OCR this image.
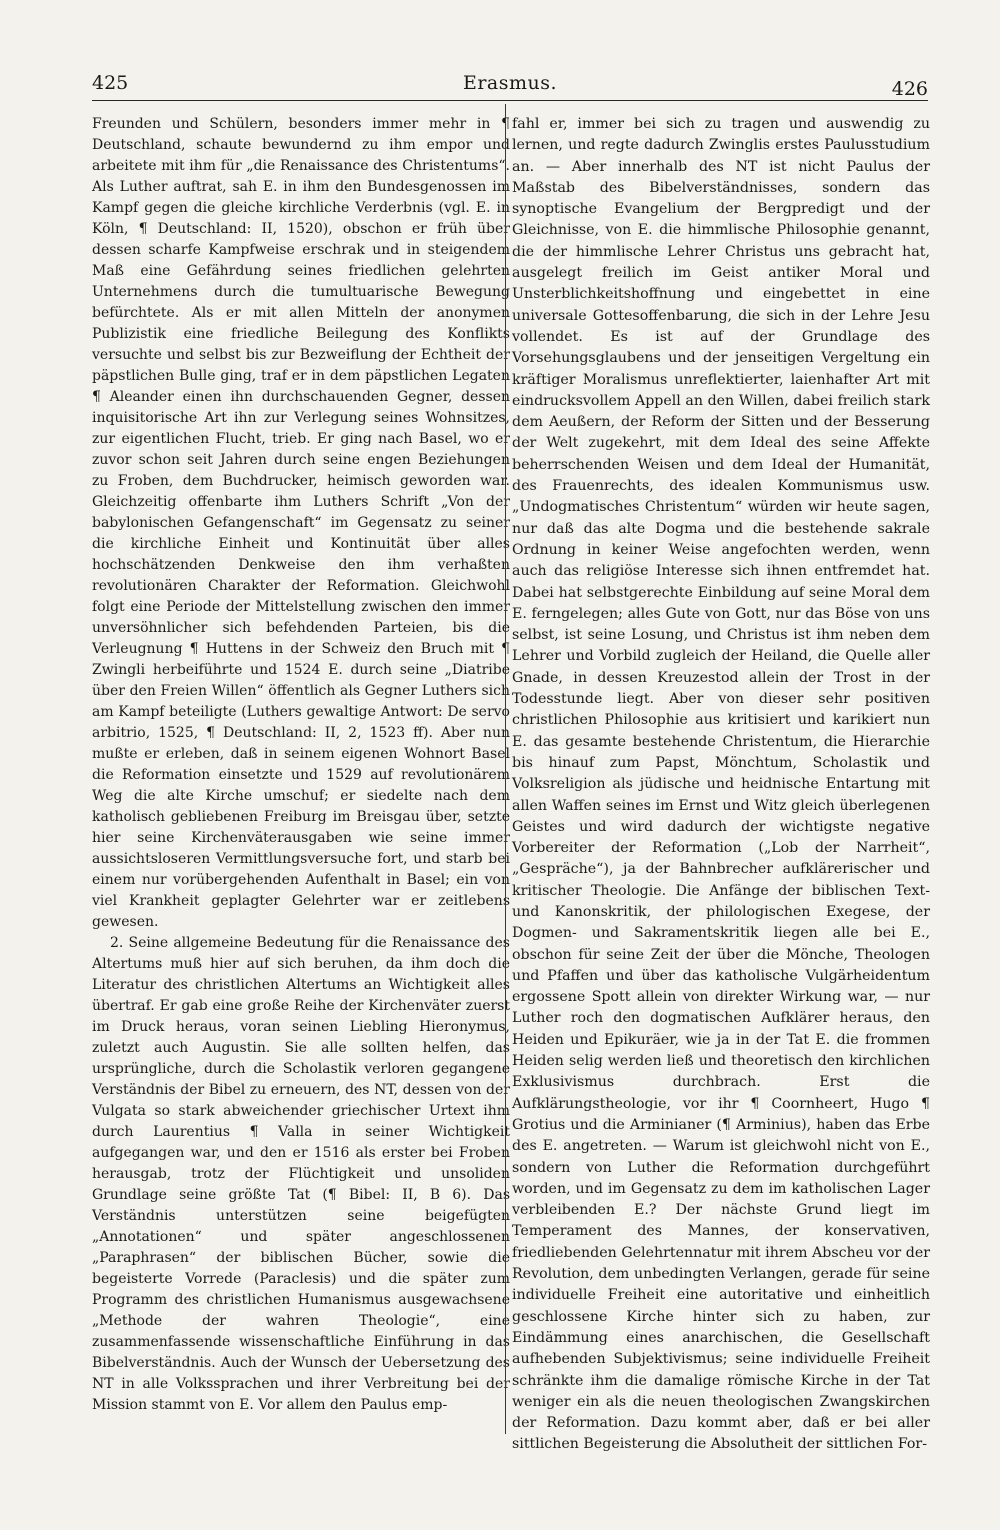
425	Erasmus.	426

Freunden und Schülern, besonders immer mehr in ¶ Deutschland, schaute bewundernd zu ihm empor und arbeitete mit ihm für „die Renaissance des Christentums“. Als Luther auftrat, sah E. in ihm den Bundesgenossen im Kampf gegen die gleiche kirchliche Verderbnis (vgl. E. in Köln, ¶ Deutschland: II, 1520), obschon er früh über dessen scharfe Kampfweise erschrak und in steigendem Maß eine Gefährdung seines friedlichen gelehrten Unternehmens durch die tumultuarische Bewegung befürchtete. Als er mit allen Mitteln der anonymen Publizistik eine friedliche Beilegung des Konflikts versuchte und selbst bis zur Bezweiflung der Echtheit der päpstlichen Bulle ging, traf er in dem päpstlichen Legaten ¶ Aleander einen ihn durchschauenden Gegner, dessen inquisitorische Art ihn zur Verlegung seines Wohnsitzes, zur eigentlichen Flucht, trieb. Er ging nach Basel, wo er zuvor schon seit Jahren durch seine engen Beziehungen zu Froben, dem Buchdrucker, heimisch geworden war. Gleichzeitig offenbarte ihm Luthers Schrift „Von der babylonischen Gefangenschaft“ im Gegensatz zu seiner die kirchliche Einheit und Kontinuität über alles hochschätzenden Denkweise den ihm verhaßten revolutionären Charakter der Reformation. Gleichwohl folgt eine Periode der Mittelstellung zwischen den immer unversöhnlicher sich befehdenden Parteien, bis die Verleugnung ¶ Huttens in der Schweiz den Bruch mit ¶ Zwingli herbeiführte und 1524 E. durch seine „Diatribe über den Freien Willen“ öffentlich als Gegner Luthers sich am Kampf beteiligte (Luthers gewaltige Antwort: De servo arbitrio, 1525, ¶ Deutschland: II, 2, 1523 ff). Aber nun mußte er erleben, daß in seinem eigenen Wohnort Basel die Reformation einsetzte und 1529 auf revolutionärem Weg die alte Kirche umschuf; er siedelte nach dem katholisch gebliebenen Freiburg im Breisgau über, setzte hier seine Kirchenväterausgaben wie seine immer aussichtsloseren Vermittlungsversuche fort, und starb bei einem nur vorübergehenden Aufenthalt in Basel; ein von viel Krankheit geplagter Gelehrter war er zeitlebens gewesen.

2. Seine allgemeine Bedeutung für die Renaissance des Altertums muß hier auf sich beruhen, da ihm doch die Literatur des christlichen Altertums an Wichtigkeit alles übertraf. Er gab eine große Reihe der Kirchenväter zuerst im Druck heraus, voran seinen Liebling Hieronymus, zuletzt auch Augustin. Sie alle sollten helfen, das ursprüngliche, durch die Scholastik verloren gegangene Verständnis der Bibel zu erneuern, des NT, dessen von der Vulgata so stark abweichender griechischer Urtext ihm durch Laurentius ¶ Valla in seiner Wichtigkeit aufgegangen war, und den er 1516 als erster bei Froben herausgab, trotz der Flüchtigkeit und unsoliden Grundlage seine größte Tat (¶ Bibel: II, B 6). Das Verständnis unterstützen seine beigefügten „Annotationen“ und später angeschlossenen „Paraphrasen“ der biblischen Bücher, sowie die begeisterte Vorrede (Paraclesis) und die später zum Programm des christlichen Humanismus ausgewachsene „Methode der wahren Theologie“, eine zusammenfassende wissenschaftliche Einführung in das Bibelverständnis. Auch der Wunsch der Uebersetzung des NT in alle Volkssprachen und ihrer Verbreitung bei der Mission stammt von E. Vor allem den Paulus emp-

fahl er, immer bei sich zu tragen und auswendig zu lernen, und regte dadurch Zwinglis erstes Paulusstudium an. — Aber innerhalb des NT ist nicht Paulus der Maßstab des Bibelverständnisses, sondern das synoptische Evangelium der Bergpredigt und der Gleichnisse, von E. die himmlische Philosophie genannt, die der himmlische Lehrer Christus uns gebracht hat, ausgelegt freilich im Geist antiker Moral und Unsterblichkeitshoffnung und eingebettet in eine universale Gottesoffenbarung, die sich in der Lehre Jesu vollendet. Es ist auf der Grundlage des Vorsehungsglaubens und der jenseitigen Vergeltung ein kräftiger Moralismus unreflektierter, laienhafter Art mit eindrucksvollem Appell an den Willen, dabei freilich stark dem Aeußern, der Reform der Sitten und der Besserung der Welt zugekehrt, mit dem Ideal des seine Affekte beherrschenden Weisen und dem Ideal der Humanität, des Frauenrechts, des idealen Kommunismus usw. „Undogmatisches Christentum“ würden wir heute sagen, nur daß das alte Dogma und die bestehende sakrale Ordnung in keiner Weise angefochten werden, wenn auch das religiöse Interesse sich ihnen entfremdet hat. Dabei hat selbstgerechte Einbildung auf seine Moral dem E. ferngelegen; alles Gute von Gott, nur das Böse von uns selbst, ist seine Losung, und Christus ist ihm neben dem Lehrer und Vorbild zugleich der Heiland, die Quelle aller Gnade, in dessen Kreuzestod allein der Trost in der Todesstunde liegt. Aber von dieser sehr positiven christlichen Philosophie aus kritisiert und karikiert nun E. das gesamte bestehende Christentum, die Hierarchie bis hinauf zum Papst, Mönchtum, Scholastik und Volksreligion als jüdische und heidnische Entartung mit allen Waffen seines im Ernst und Witz gleich überlegenen Geistes und wird dadurch der wichtigste negative Vorbereiter der Reformation („Lob der Narrheit“, „Gespräche“), ja der Bahnbrecher aufklärerischer und kritischer Theologie. Die Anfänge der biblischen Text- und Kanonskritik, der philologischen Exegese, der Dogmen- und Sakramentskritik liegen alle bei E., obschon für seine Zeit der über die Mönche, Theologen und Pfaffen und über das katholische Vulgärheidentum ergossene Spott allein von direkter Wirkung war, — nur Luther roch den dogmatischen Aufklärer heraus, den Heiden und Epikuräer, wie ja in der Tat E. die frommen Heiden selig werden ließ und theoretisch den kirchlichen Exklusivismus durchbrach. Erst die Aufklärungstheologie, vor ihr ¶ Coornheert, Hugo ¶ Grotius und die Arminianer (¶ Arminius), haben das Erbe des E. angetreten. — Warum ist gleichwohl nicht von E., sondern von Luther die Reformation durchgeführt worden, und im Gegensatz zu dem im katholischen Lager verbleibenden E.? Der nächste Grund liegt im Temperament des Mannes, der konservativen, friedliebenden Gelehrtennatur mit ihrem Abscheu vor der Revolution, dem unbedingten Verlangen, gerade für seine individuelle Freiheit eine autoritative und einheitlich geschlossene Kirche hinter sich zu haben, zur Eindämmung eines anarchischen, die Gesellschaft aufhebenden Subjektivismus; seine individuelle Freiheit schränkte ihm die damalige römische Kirche in der Tat weniger ein als die neuen theologischen Zwangskirchen der Reformation. Dazu kommt aber, daß er bei aller sittlichen Begeisterung die Absolutheit der sittlichen For-
